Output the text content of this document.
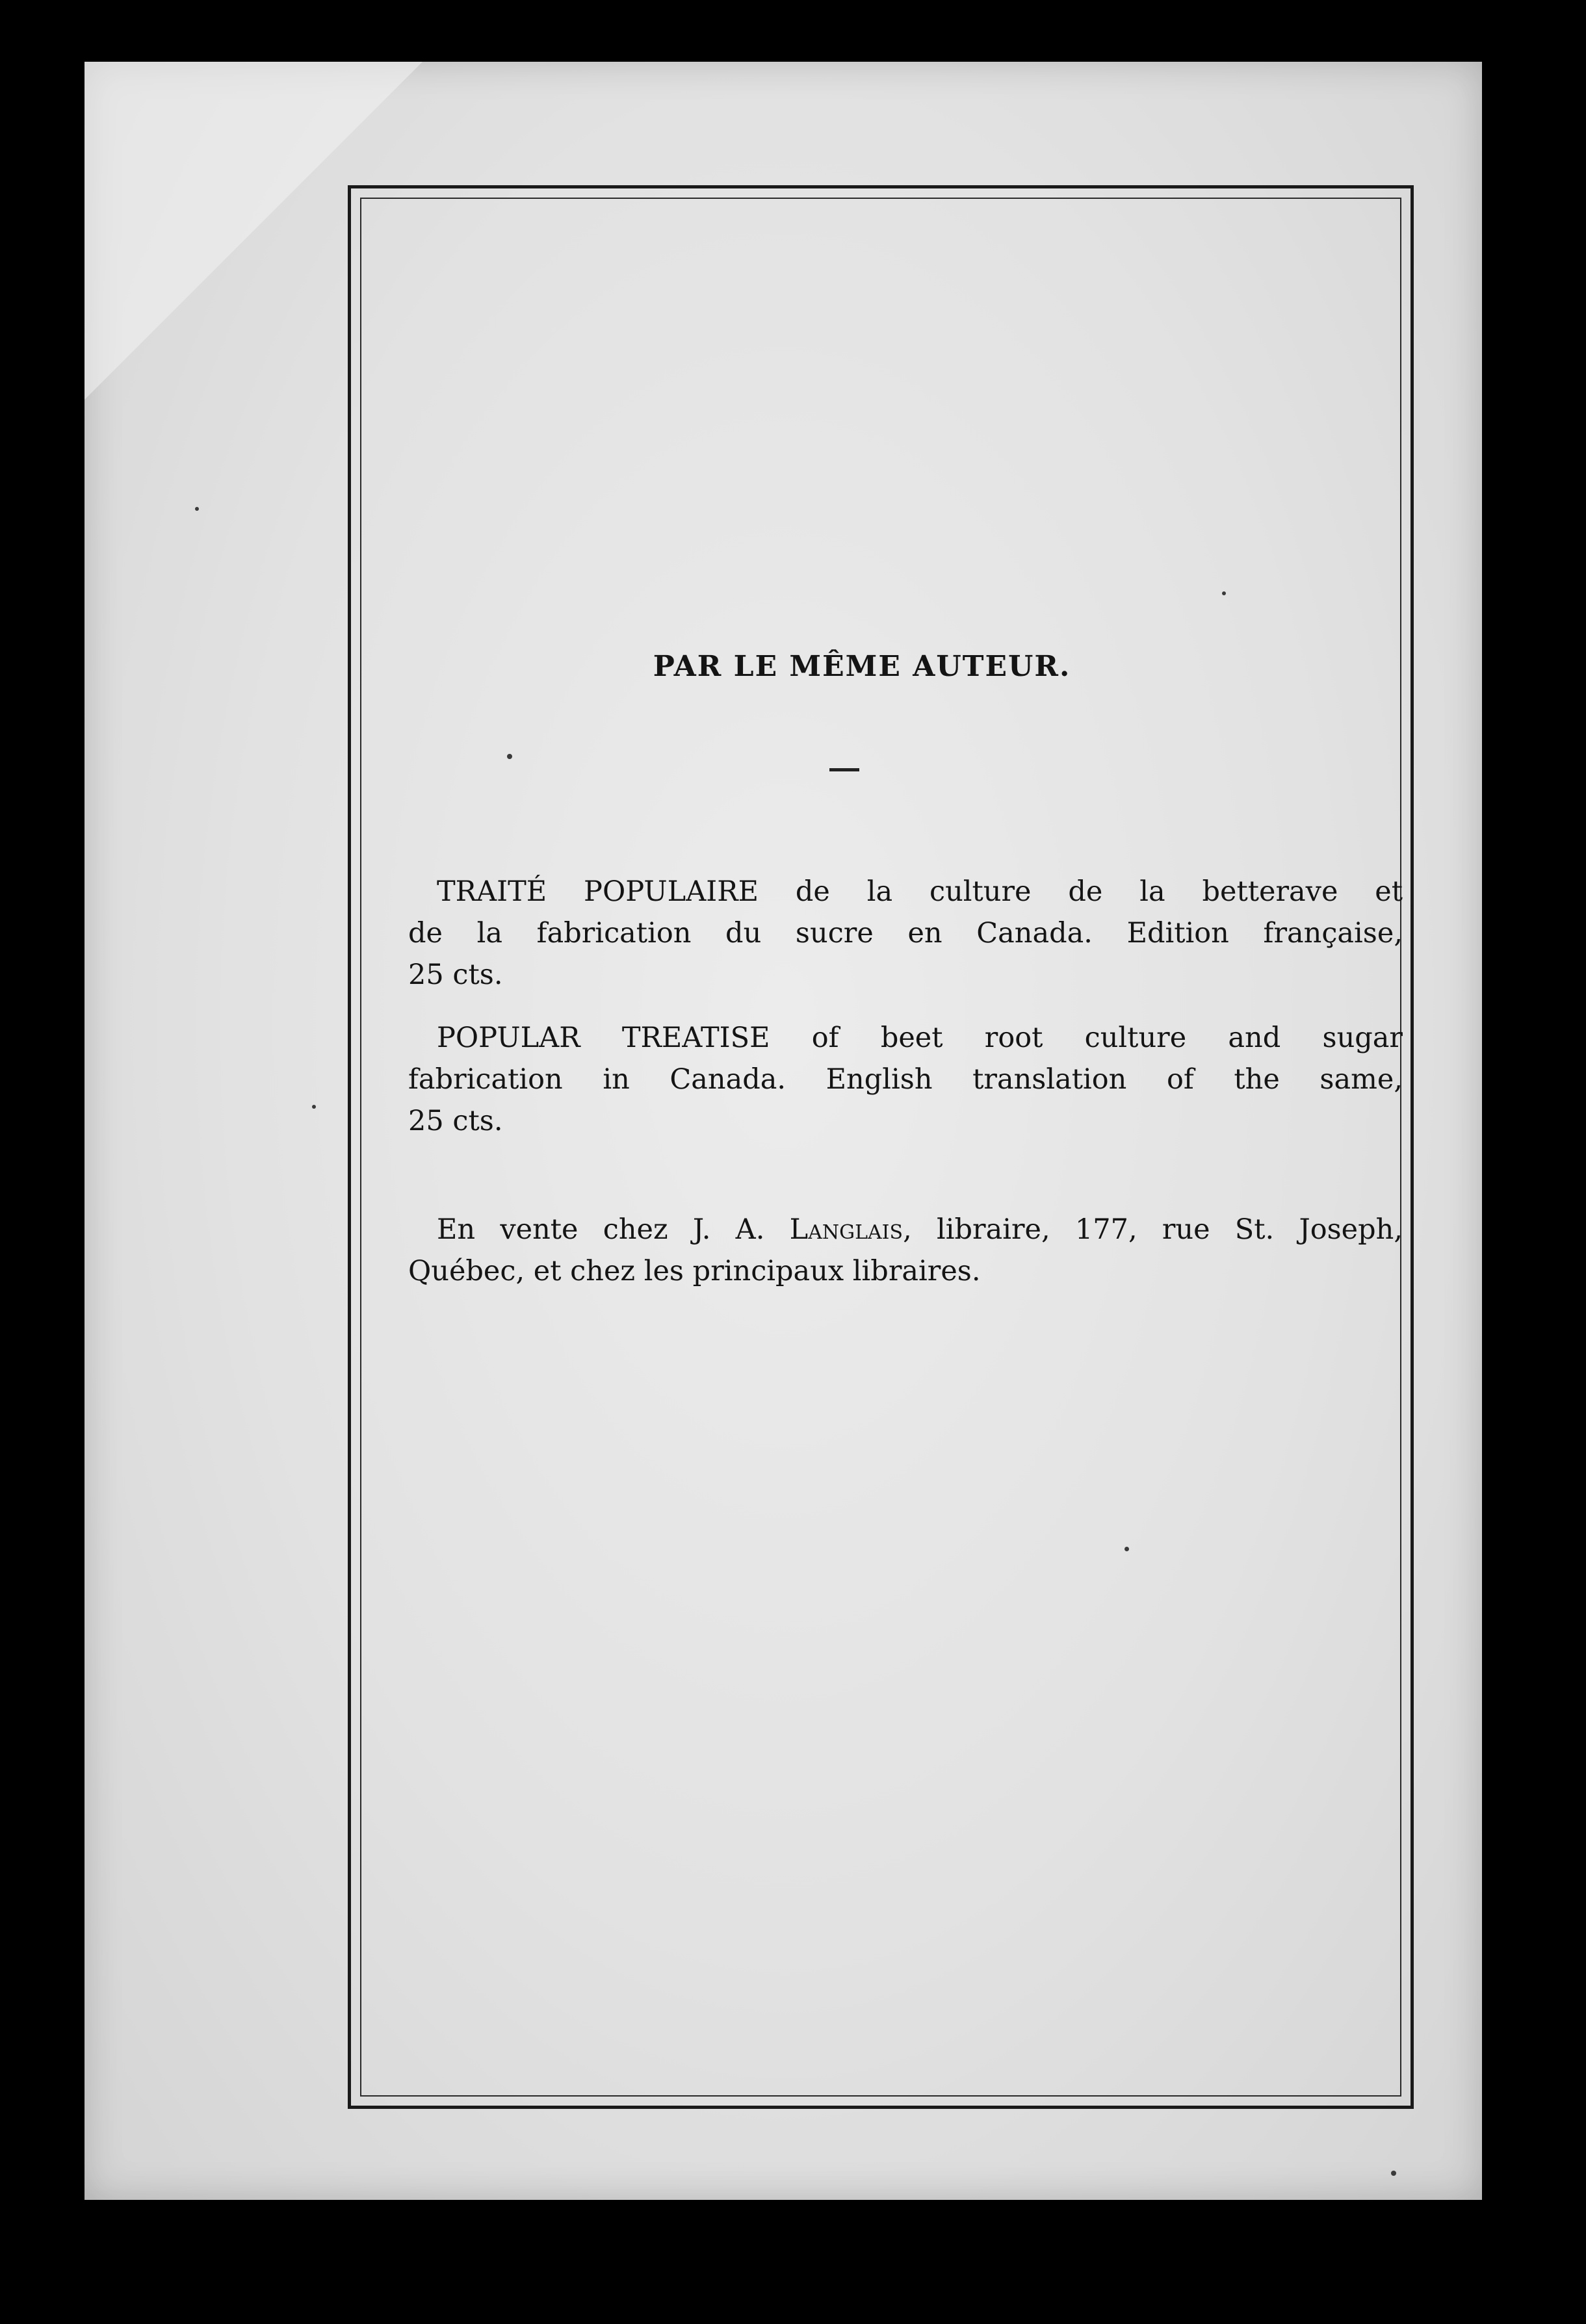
PAR LE MÊME AUTEUR.

TRAITÉ POPULAIRE de la culture de la betterave et
de la fabrication du sucre en Canada. Edition française,
25 cts.

POPULAR TREATISE of beet root culture and sugar
fabrication in Canada. English translation of the same,
25 cts.

En vente chez J. A. Langlais, libraire, 177, rue St. Joseph,
Québec, et chez les principaux libraires.
